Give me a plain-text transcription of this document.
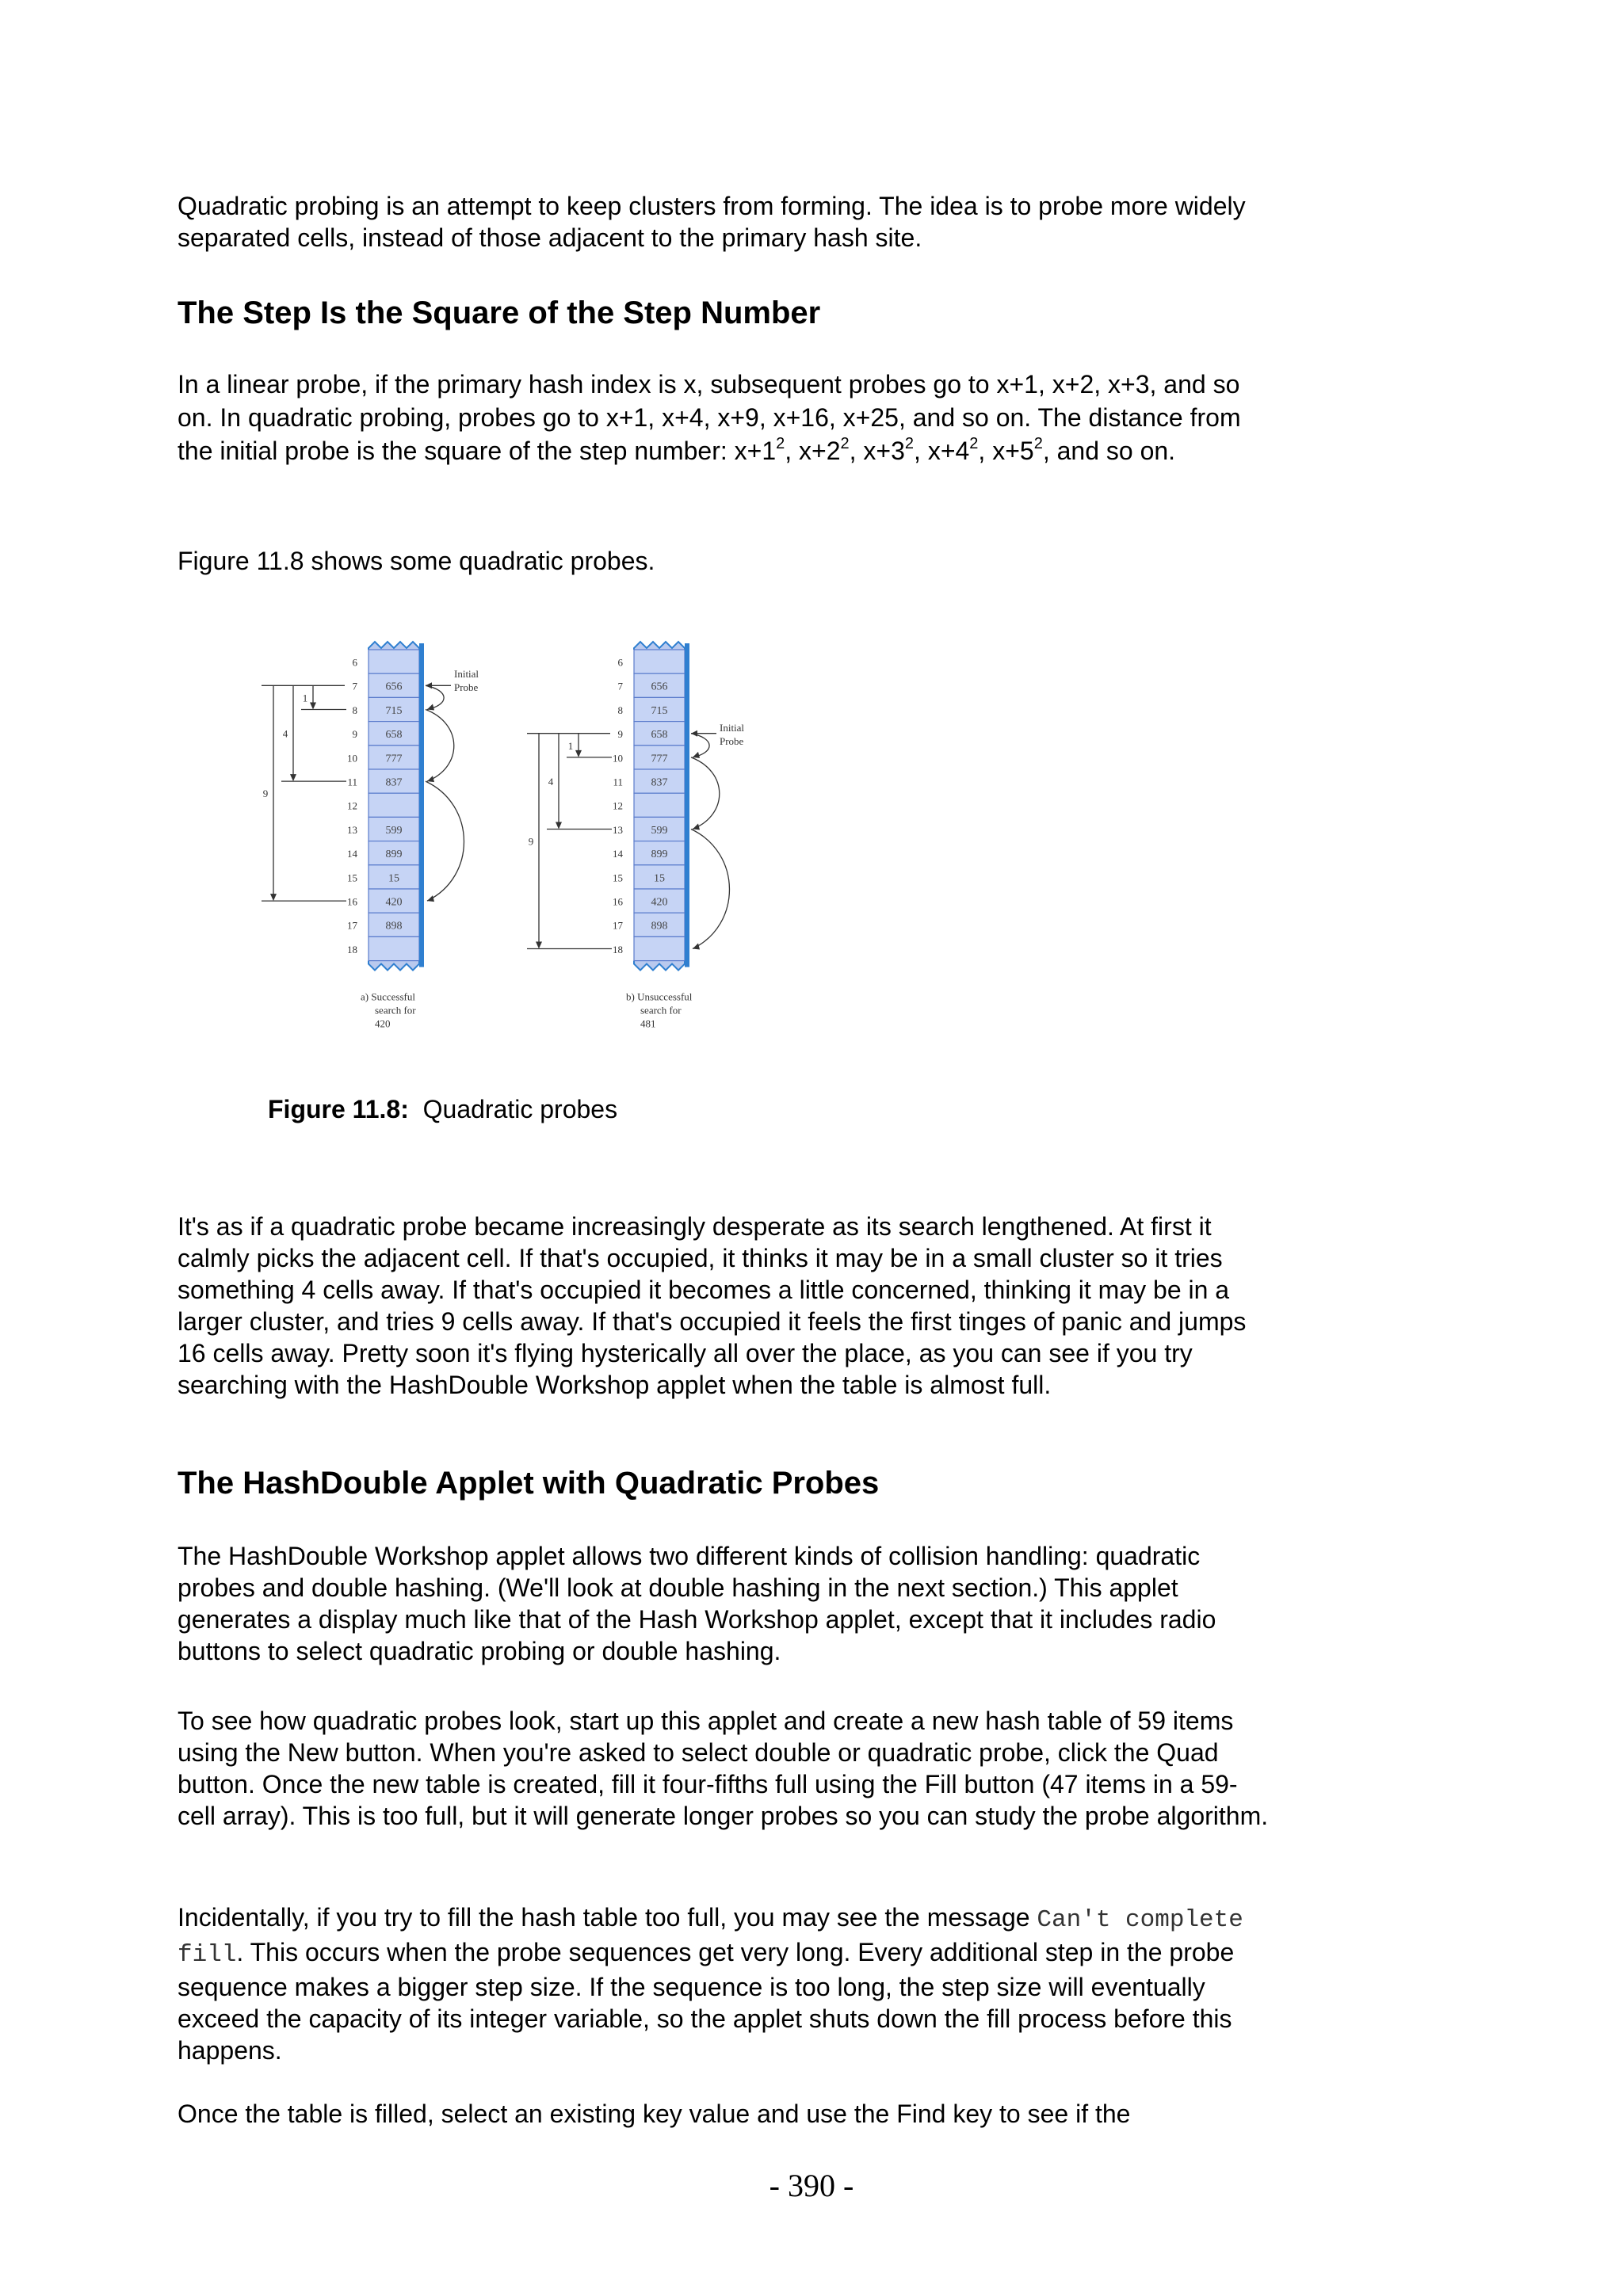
Quadratic probing is an attempt to keep clusters from forming. The idea is to probe more widely separated cells, instead of those adjacent to the primary hash site.

The Step Is the Square of the Step Number

In a linear probe, if the primary hash index is x, subsequent probes go to x+1, x+2, x+3, and so on. In quadratic probing, probes go to x+1, x+4, x+9, x+16, x+25, and so on. The distance from the initial probe is the square of the step number: $x+1^2$, $x+2^2$, $x+3^2$, $x+4^2$, $x+5^2$, and so on.

Figure 11.8 shows some quadratic probes.

6
656
7
715
8
658
9
777
10
837
11
12
599
13
899
14
15
15
420
16
898
17
18
Initial
Probe
1
4
9
a) Successful
search for
420
6
656
7
715
8
658
9
777
10
837
11
12
599
13
899
14
15
15
420
16
898
17
18
Initial
Probe
1
4
9
b) Unsuccessful
search for
481
Figure 11.8: Quadratic probes

It's as if a quadratic probe became increasingly desperate as its search lengthened. At first it calmly picks the adjacent cell. If that's occupied, it thinks it may be in a small cluster so it tries something 4 cells away. If that's occupied it becomes a little concerned, thinking it may be in a larger cluster, and tries 9 cells away. If that's occupied it feels the first tinges of panic and jumps 16 cells away. Pretty soon it's flying hysterically all over the place, as you can see if you try searching with the HashDouble Workshop applet when the table is almost full.

The HashDouble Applet with Quadratic Probes

The HashDouble Workshop applet allows two different kinds of collision handling: quadratic probes and double hashing. (We'll look at double hashing in the next section.) This applet generates a display much like that of the Hash Workshop applet, except that it includes radio buttons to select quadratic probing or double hashing.

To see how quadratic probes look, start up this applet and create a new hash table of 59 items using the New button. When you're asked to select double or quadratic probe, click the Quad button. Once the new table is created, fill it four-fifths full using the Fill button (47 items in a 59-cell array). This is too full, but it will generate longer probes so you can study the probe algorithm.

Incidentally, if you try to fill the hash table too full, you may see the message Can't complete fill. This occurs when the probe sequences get very long. Every additional step in the probe sequence makes a bigger step size. If the sequence is too long, the step size will eventually exceed the capacity of its integer variable, so the applet shuts down the fill process before this happens.

Once the table is filled, select an existing key value and use the Find key to see if the

- 390 -
